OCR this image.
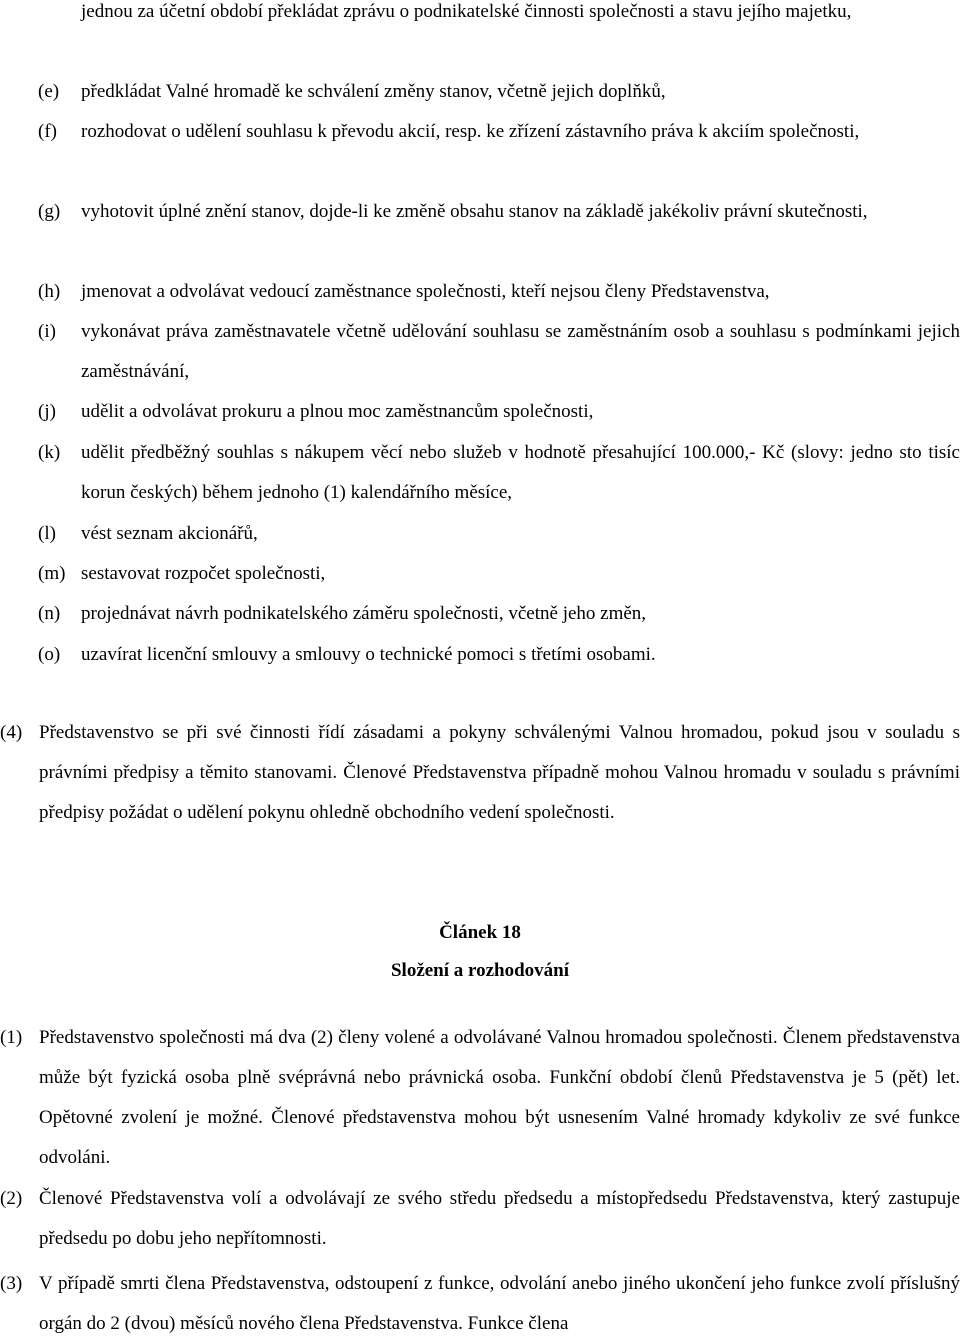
jednou za účetní období překládat zprávu o podnikatelské činnosti společnosti a stavu jejího majetku,
(e)	předkládat Valné hromadě ke schválení změny stanov, včetně jejich doplňků,
(f)	rozhodovat o udělení souhlasu k převodu akcií, resp. ke zřízení zástavního práva k akciím společnosti,
(g)	vyhotovit úplné znění stanov, dojde-li ke změně obsahu stanov na základě jakékoliv právní skutečnosti,
(h)	jmenovat a odvolávat vedoucí zaměstnance společnosti, kteří nejsou členy Představenstva,
(i)	vykonávat práva zaměstnavatele včetně udělování souhlasu se zaměstnáním osob a souhlasu s podmínkami jejich zaměstnávání,
(j)	udělit a odvolávat prokuru a plnou moc zaměstnancům společnosti,
(k)	udělit předběžný souhlas s nákupem věcí nebo služeb v hodnotě přesahující 100.000,- Kč (slovy: jedno sto tisíc korun českých) během jednoho (1) kalendářního měsíce,
(l)	vést seznam akcionářů,
(m) sestavovat rozpočet společnosti,
(n)	projednávat návrh podnikatelského záměru společnosti, včetně jeho změn,
(o)	uzavírat licenční smlouvy a smlouvy o technické pomoci s třetími osobami.
(4) Představenstvo se při své činnosti řídí zásadami a pokyny schválenými Valnou hromadou, pokud jsou v souladu s právními předpisy a těmito stanovami. Členové Představenstva případně mohou Valnou hromadu v souladu s právními předpisy požádat o udělení pokynu ohledně obchodního vedení společnosti.
Článek 18
Složení a rozhodování
(1) Představenstvo společnosti má dva (2) členy volené a odvolávané Valnou hromadou společnosti. Členem představenstva může být fyzická osoba plně svéprávná nebo právnická osoba. Funkční období členů Představenstva je 5 (pět) let. Opětovné zvolení je možné. Členové představenstva mohou být usnesením Valné hromady kdykoliv ze své funkce odvoláni.
(2) Členové Představenstva volí a odvolávají ze svého středu předsedu a místopředsedu Představenstva, který zastupuje předsedu po dobu jeho nepřítomnosti.
(3) V případě smrti člena Představenstva, odstoupení z funkce, odvolání anebo jiného ukončení jeho funkce zvolí příslušný orgán do 2 (dvou) měsíců nového člena Představenstva. Funkce člena
